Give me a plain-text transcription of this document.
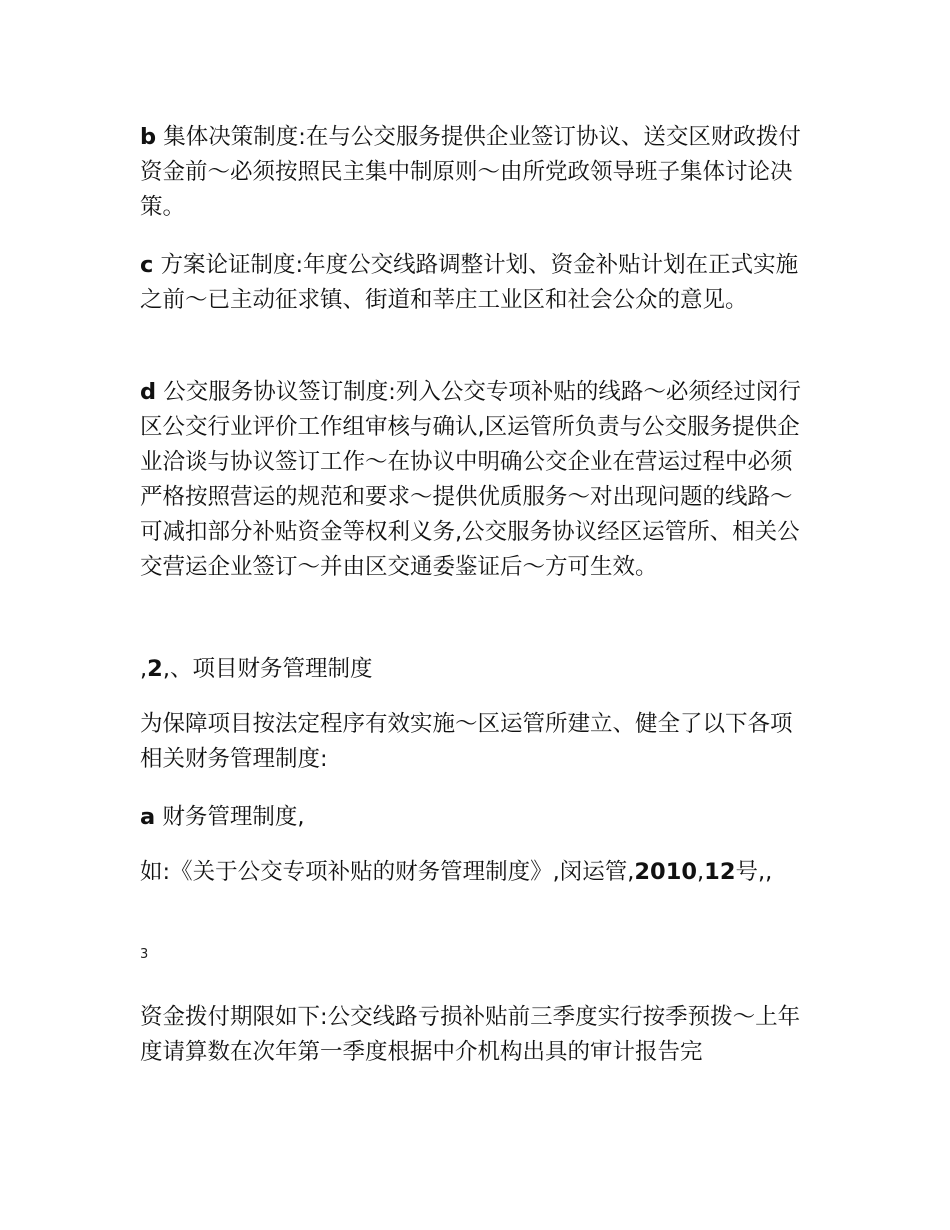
b 集体决策制度:在与公交服务提供企业签订协议、送交区财政拨付资金前～必须按照民主集中制原则～由所党政领导班子集体讨论决策。

c 方案论证制度:年度公交线路调整计划、资金补贴计划在正式实施之前～已主动征求镇、街道和莘庄工业区和社会公众的意见。

d 公交服务协议签订制度:列入公交专项补贴的线路～必须经过闵行区公交行业评价工作组审核与确认,区运管所负责与公交服务提供企业洽谈与协议签订工作～在协议中明确公交企业在营运过程中必须严格按照营运的规范和要求～提供优质服务～对出现问题的线路～可减扣部分补贴资金等权利义务,公交服务协议经区运管所、相关公交营运企业签订～并由区交通委鉴证后～方可生效。

,2,、项目财务管理制度

为保障项目按法定程序有效实施～区运管所建立、健全了以下各项相关财务管理制度:

a 财务管理制度,

如:《关于公交专项补贴的财务管理制度》,闵运管,2010,12号,,

3

资金拨付期限如下:公交线路亏损补贴前三季度实行按季预拨～上年度请算数在次年第一季度根据中介机构出具的审计报告完
